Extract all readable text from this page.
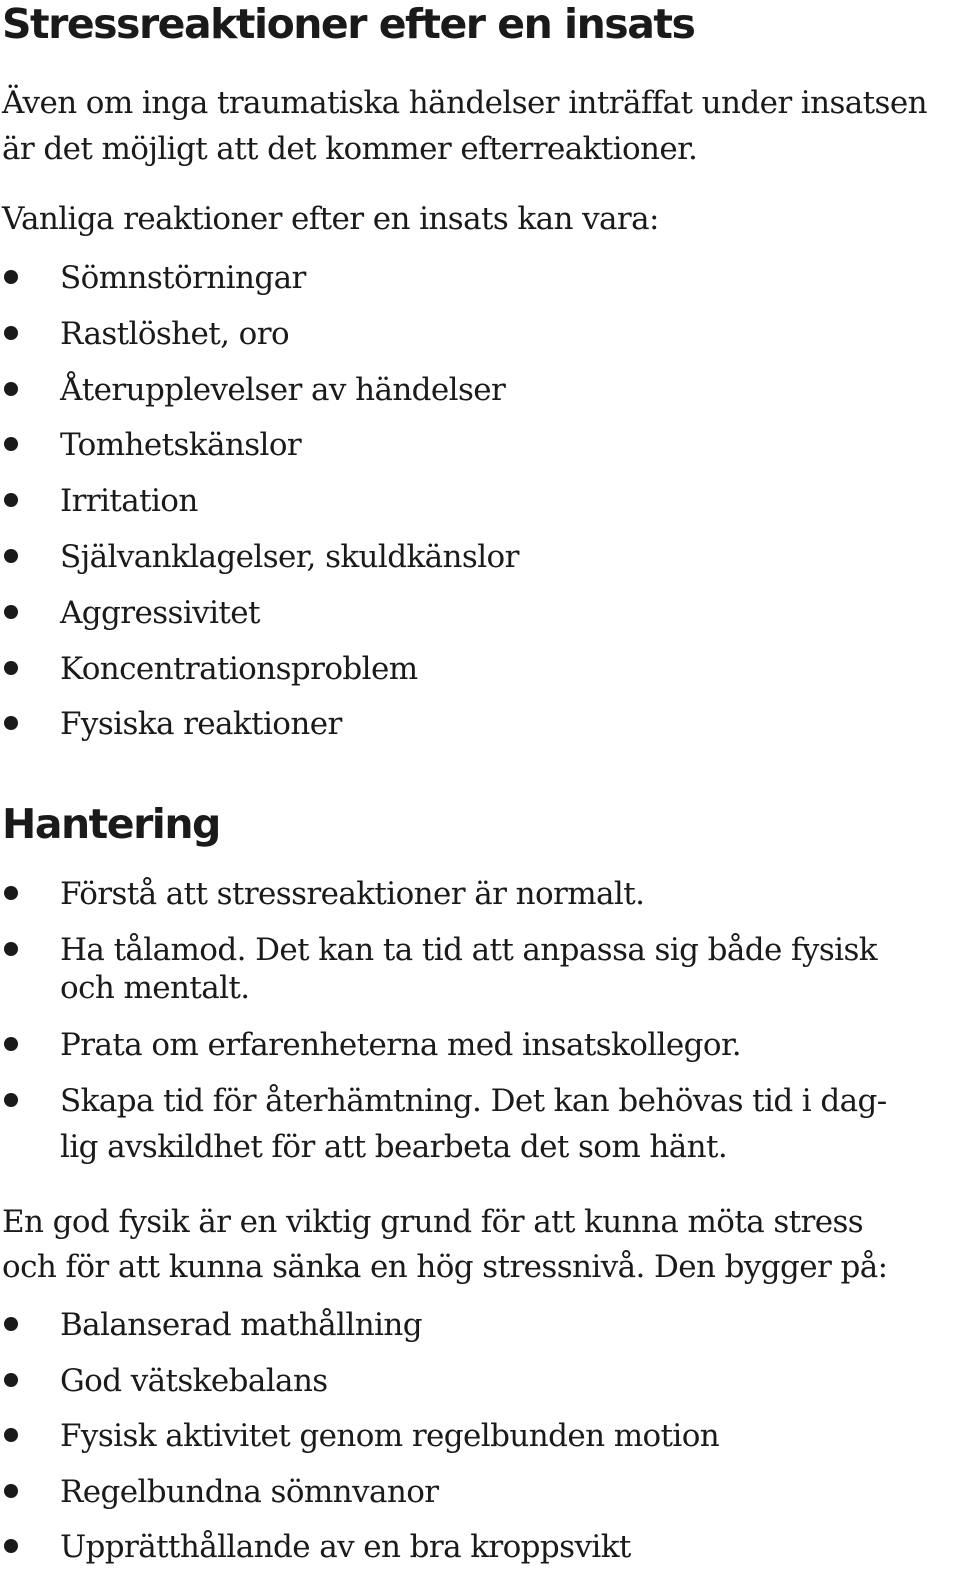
Stressreaktioner efter en insats

Även om inga traumatiska händelser inträffat under insatsen

är det möjligt att det kommer efterreaktioner.

Vanliga reaktioner efter en insats kan vara:

Sömnstörningar
Rastlöshet, oro
Återupplevelser av händelser
Tomhetskänslor
Irritation
Självanklagelser, skuldkänslor
Aggressivitet
Koncentrationsproblem
Fysiska reaktioner
Hantering
Förstå att stressreaktioner är normalt.
Ha tålamod. Det kan ta tid att anpassa sig både fysisk
och mentalt.
Prata om erfarenheterna med insatskollegor.
Skapa tid för återhämtning. Det kan behövas tid i dag-
lig avskildhet för att bearbeta det som hänt.

En god fysik är en viktig grund för att kunna möta stress

och för att kunna sänka en hög stressnivå. Den bygger på:

Balanserad mathållning
God vätskebalans
Fysisk aktivitet genom regelbunden motion
Regelbundna sömnvanor
Upprätthållande av en bra kroppsvikt
